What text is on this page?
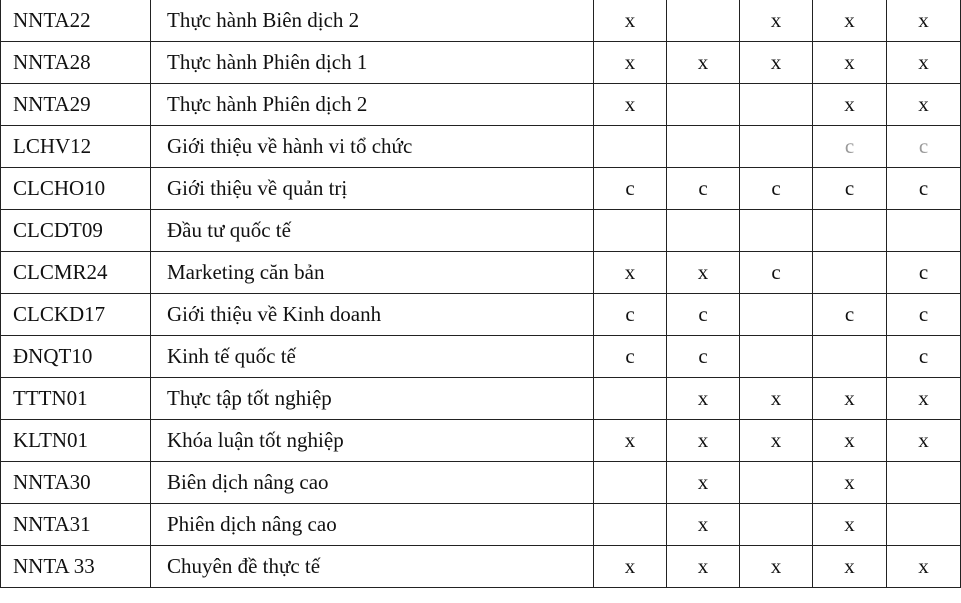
NNTA22	Thực hành Biên dịch 2	x		x	x	x
NNTA28	Thực hành Phiên dịch 1	x	x	x	x	x
NNTA29	Thực hành Phiên dịch 2	x			x	x
LCHV12	Giới thiệu về hành vi tổ chức				c	c
CLCHO10	Giới thiệu về quản trị	c	c	c	c	c
CLCDT09	Đầu tư quốc tế					
CLCMR24	Marketing căn bản	x	x	c		c
CLCKD17	Giới thiệu về Kinh doanh	c	c		c	c
ĐNQT10	Kinh tế quốc tế	c	c			c
TTTN01	Thực tập tốt nghiệp		x	x	x	x
KLTN01	Khóa luận tốt nghiệp	x	x	x	x	x
NNTA30	Biên dịch nâng cao		x		x	
NNTA31	Phiên dịch nâng cao		x		x	
NNTA 33	Chuyên đề thực tế	x	x	x	x	x
